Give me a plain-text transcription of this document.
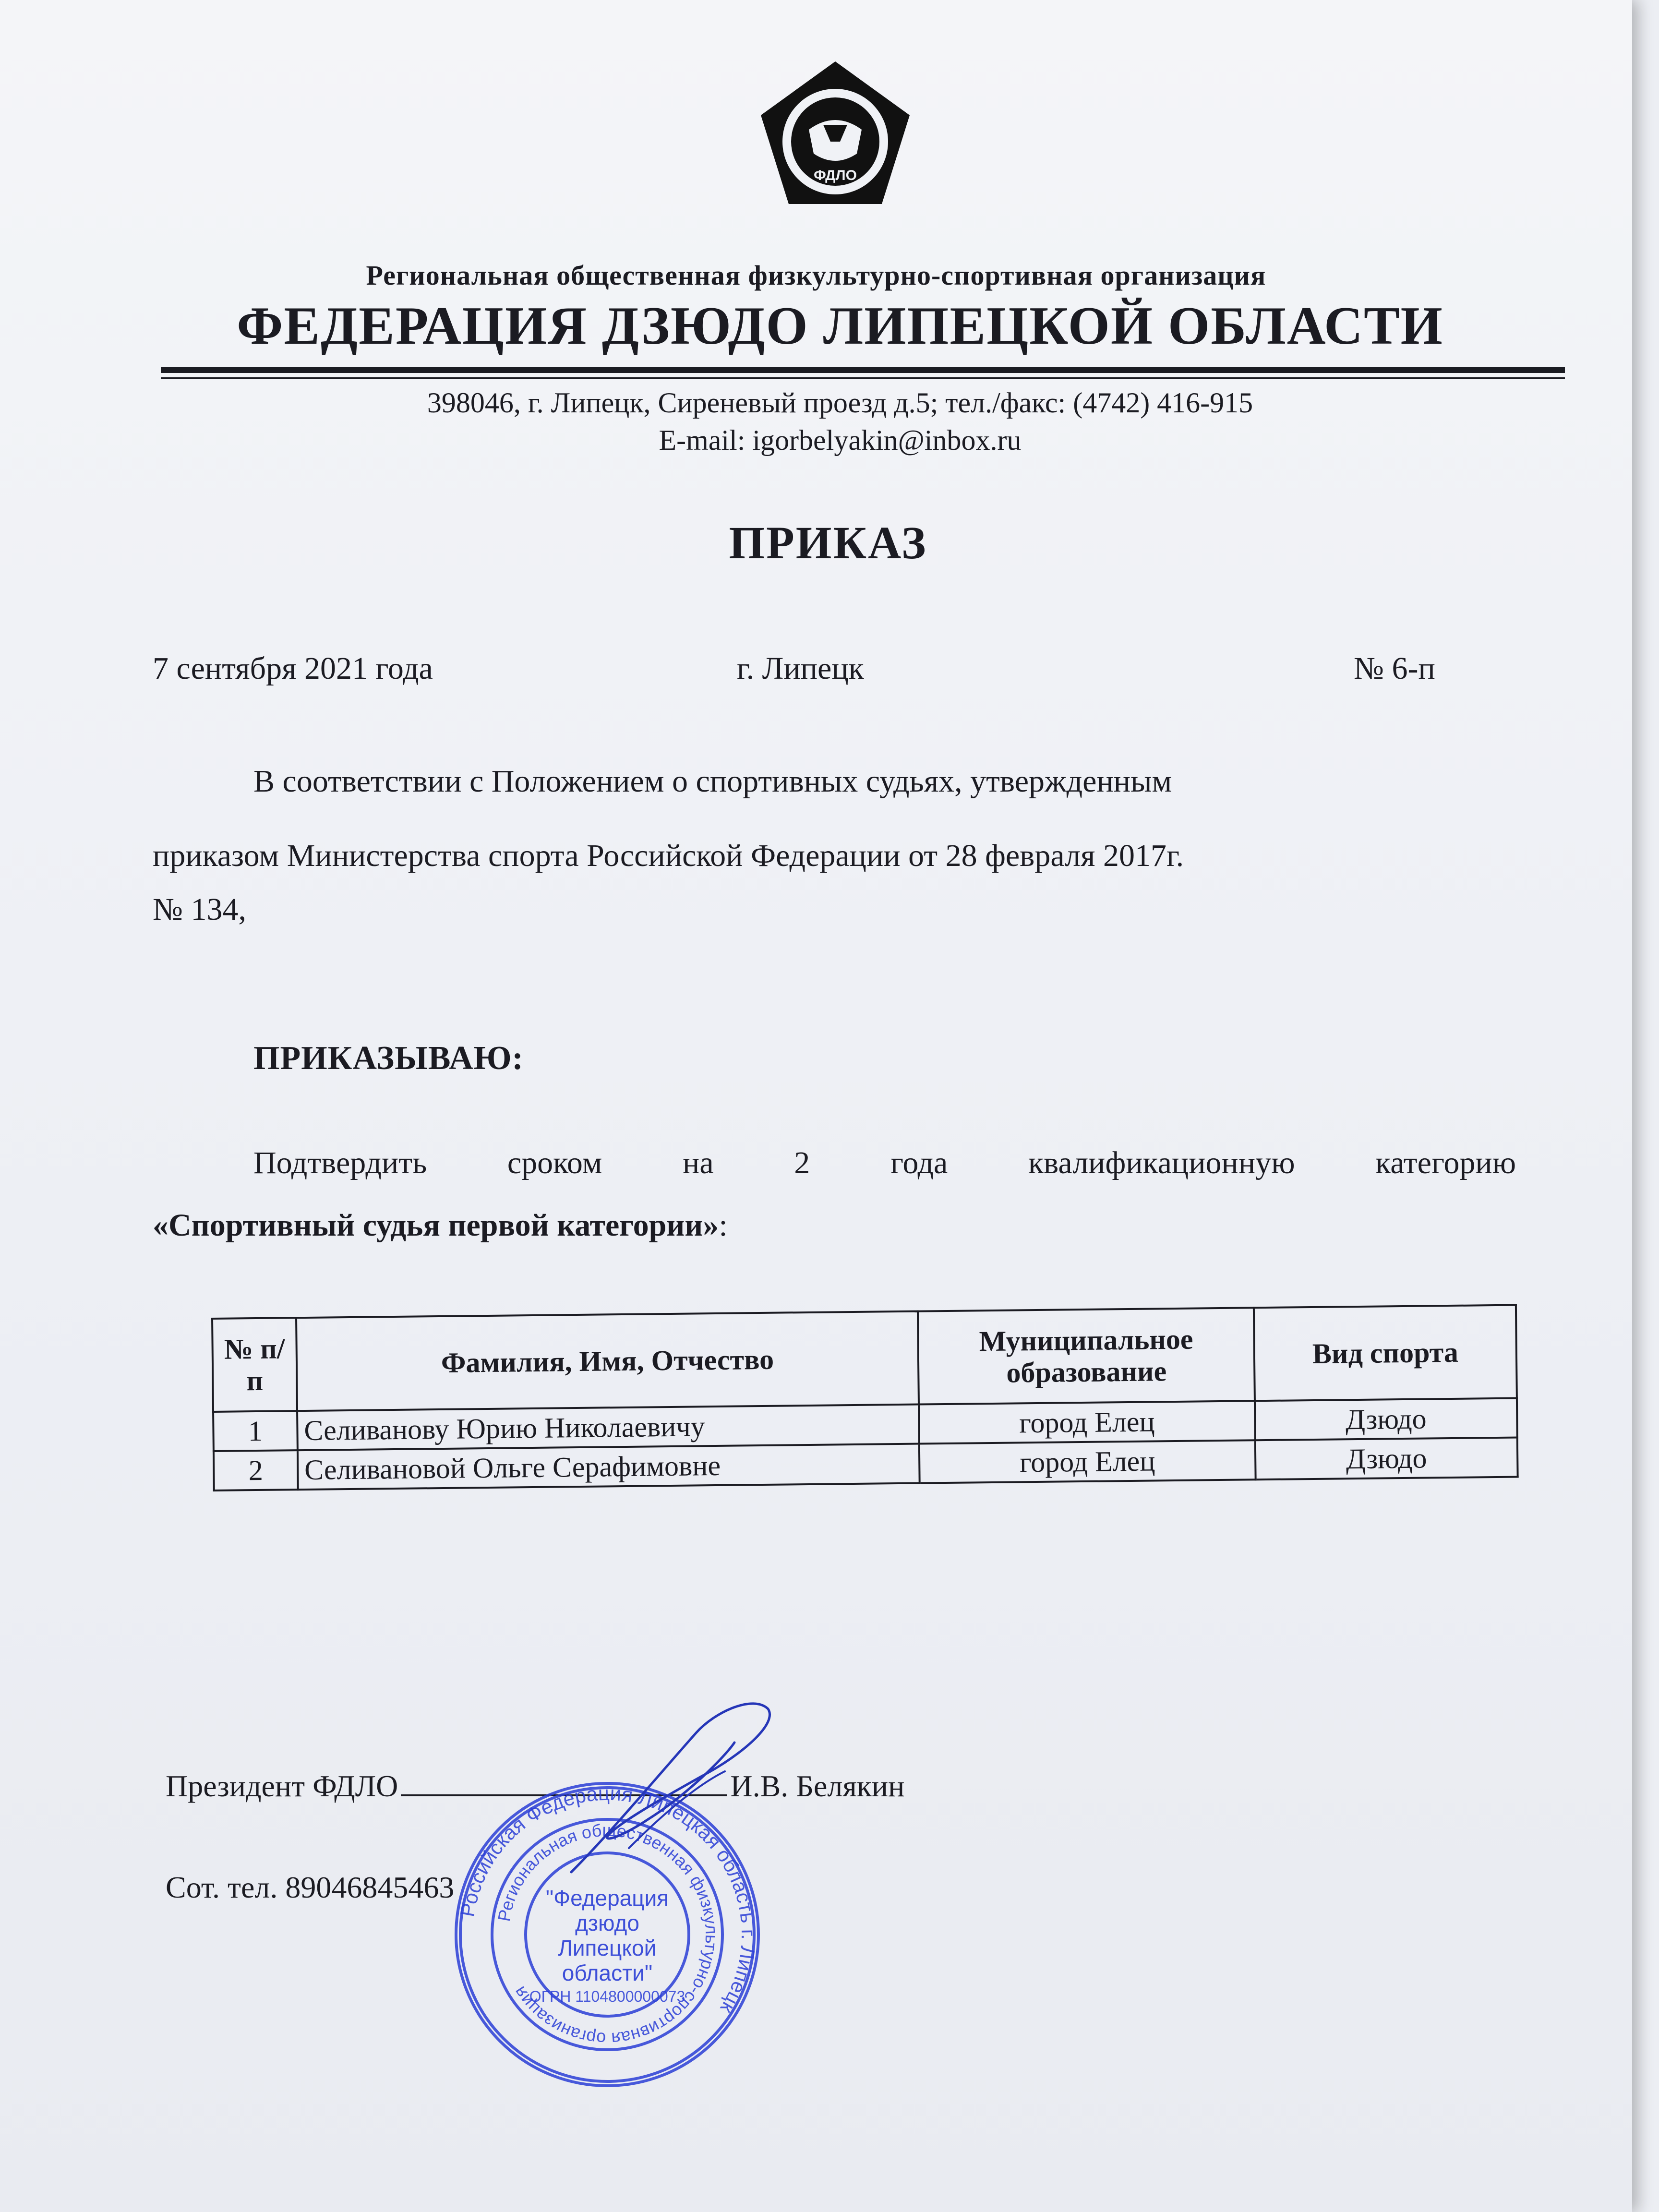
ФДЛО
Региональная общественная физкультурно-спортивная организация
ФЕДЕРАЦИЯ ДЗЮДО ЛИПЕЦКОЙ ОБЛАСТИ
398046, г. Липецк, Сиреневый проезд д.5; тел./факс: (4742) 416-915
E-mail: igorbelyakin@inbox.ru
ПРИКАЗ
7 сентября 2021 года	г. Липецк	№ 6-п
В соответствии с Положением о спортивных судьях, утвержденным
приказом Министерства спорта Российской Федерации от 28 февраля 2017г.
№ 134,
ПРИКАЗЫВАЮ:
Подтвердить сроком на 2 года квалификационную категорию
«Спортивный судья первой категории»:
№ п/п	Фамилия, Имя, Отчество	Муниципальное образование	Вид спорта
1	Селиванову Юрию Николаевичу	город Елец	Дзюдо
2	Селивановой Ольге Серафимовне	город Елец	Дзюдо
Президент ФДЛО	И.В. Белякин
Сот. тел. 89046845463
Российская Федерация Липецкая область г. Липецк
Региональная общественная физкультурно-спортивная организация
ОГРН 1104800000073
"Федерация
дзюдо
Липецкой
области"
